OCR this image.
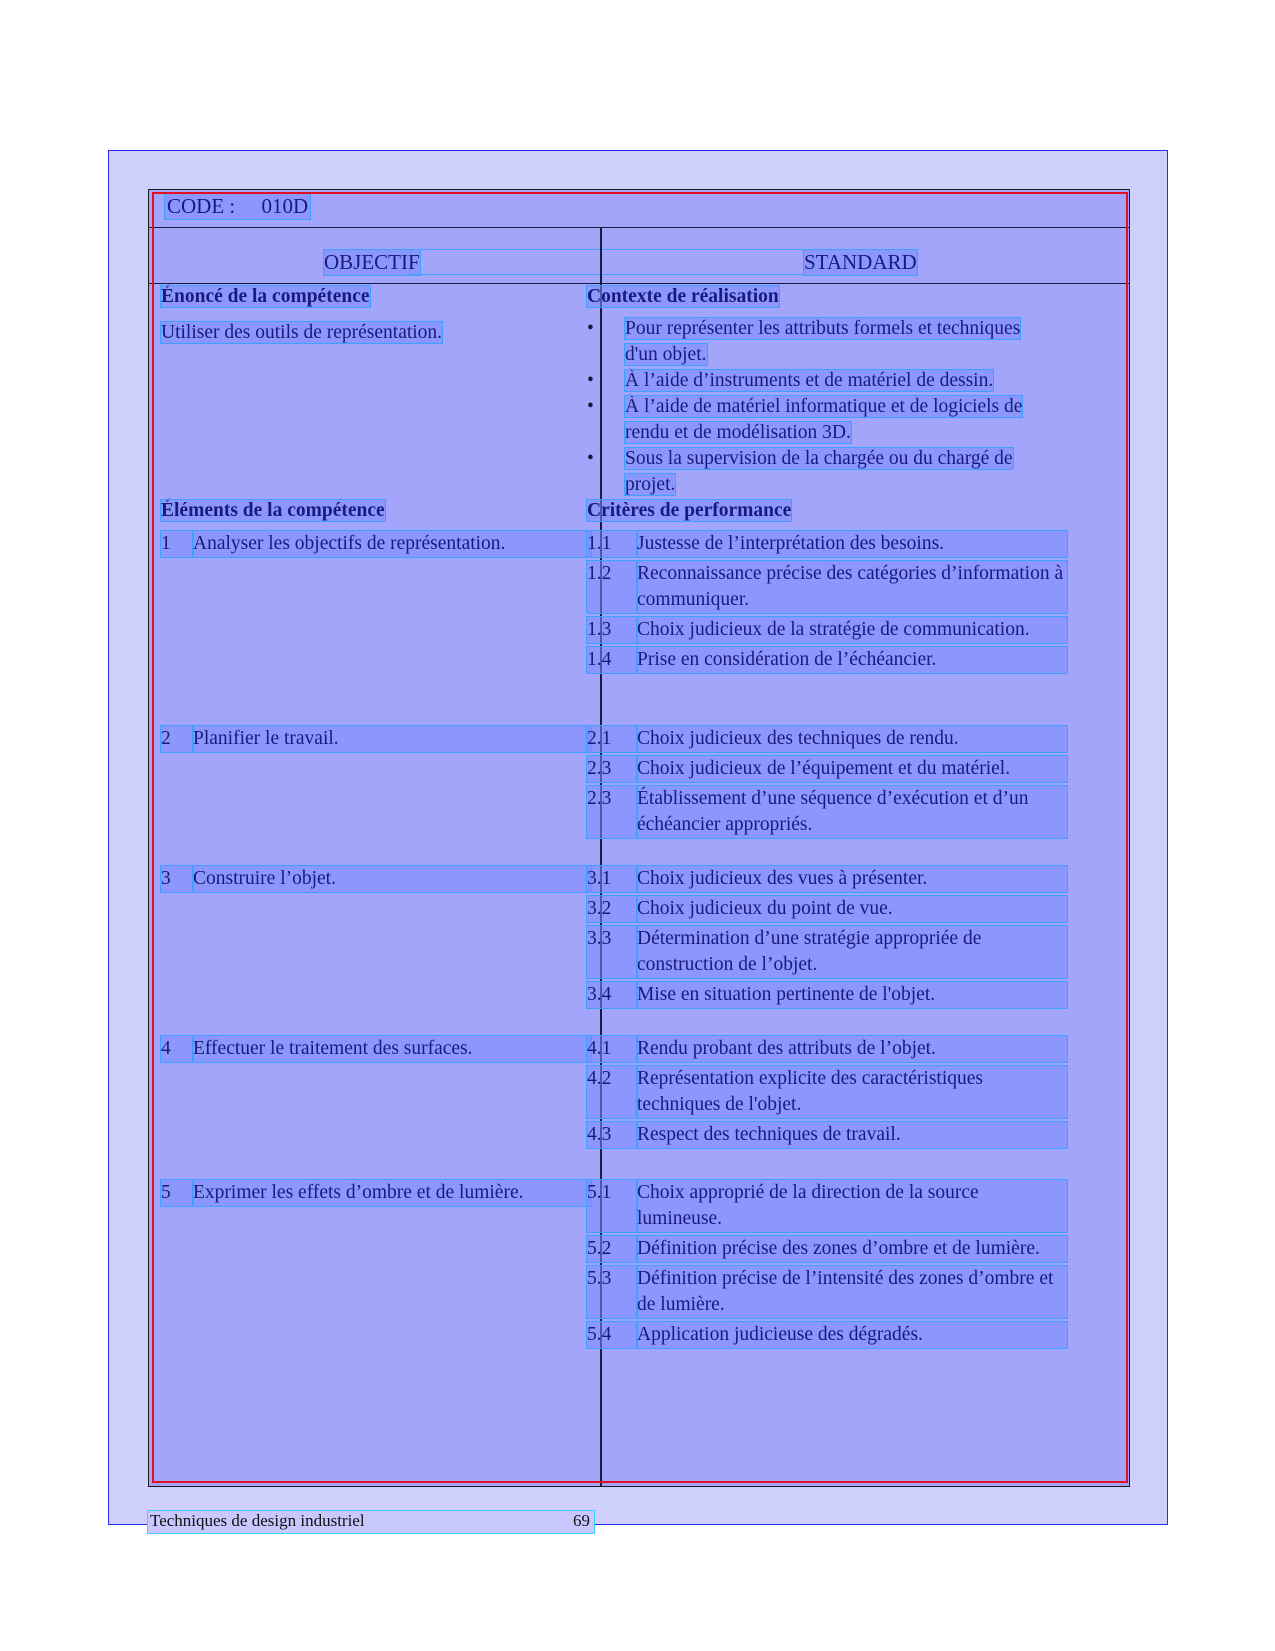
CODE : 010D
OBJECTIF	STANDARD
Énoncé de la compétence
Utiliser des outils de représentation.
Contexte de réalisation
• Pour représenter les attributs formels et techniques d'un objet.
• À l’aide d’instruments et de matériel de dessin.
• À l’aide de matériel informatique et de logiciels de rendu et de modélisation 3D.
• Sous la supervision de la chargée ou du chargé de projet.
Éléments de la compétence	Critères de performance
1	Analyser les objectifs de représentation.	1.1	Justesse de l’interprétation des besoins.
1.2	Reconnaissance précise des catégories d’information à communiquer.
1.3	Choix judicieux de la stratégie de communication.
1.4	Prise en considération de l’échéancier.
2	Planifier le travail.	2.1	Choix judicieux des techniques de rendu.
2.3	Choix judicieux de l’équipement et du matériel.
2.3	Établissement d’une séquence d’exécution et d’un échéancier appropriés.
3	Construire l’objet.	3.1	Choix judicieux des vues à présenter.
3.2	Choix judicieux du point de vue.
3.3	Détermination d’une stratégie appropriée de construction de l’objet.
3.4	Mise en situation pertinente de l'objet.
4	Effectuer le traitement des surfaces.	4.1	Rendu probant des attributs de l’objet.
4.2	Représentation explicite des caractéristiques techniques de l'objet.
4.3	Respect des techniques de travail.
5	Exprimer les effets d’ombre et de lumière.	5.1	Choix approprié de la direction de la source lumineuse.
5.2	Définition précise des zones d’ombre et de lumière.
5.3	Définition précise de l’intensité des zones d’ombre et de lumière.
5.4	Application judicieuse des dégradés.
Techniques de design industriel	69
